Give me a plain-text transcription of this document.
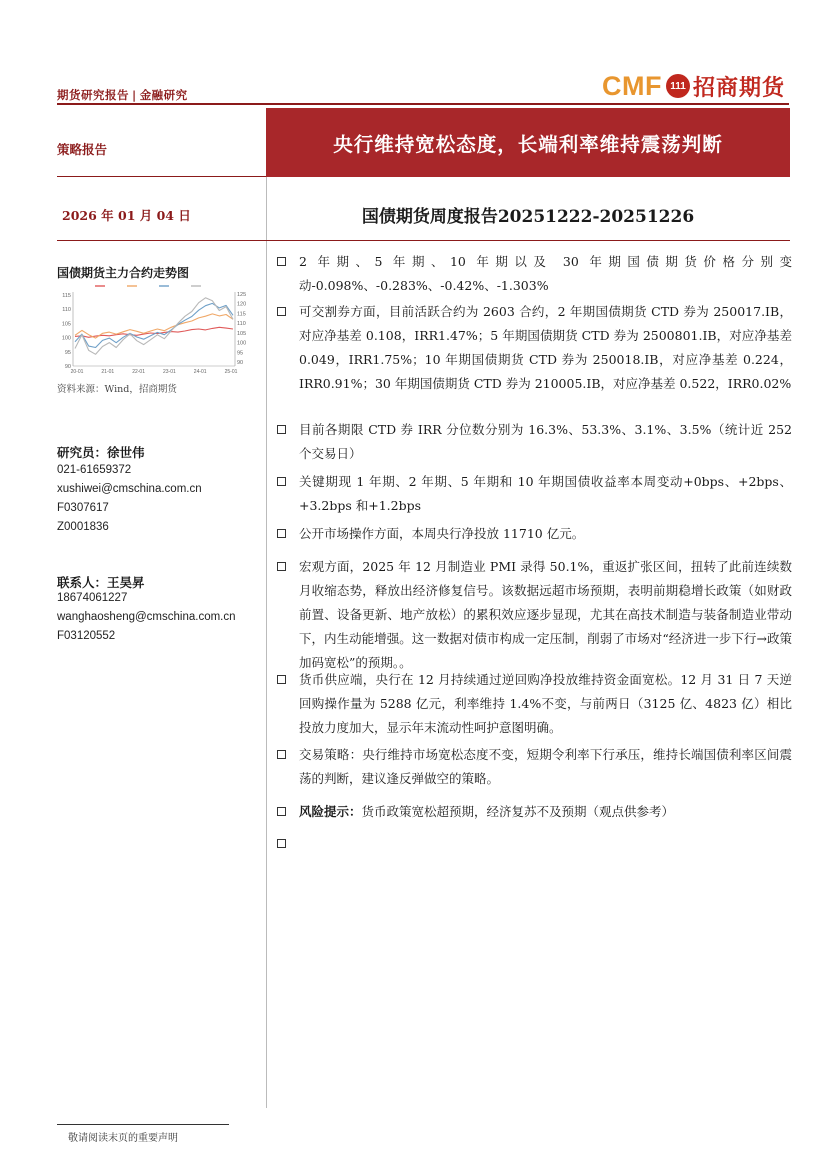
期货研究报告 | 金融研究	CMF 111 招商期货
策略报告
2026 年 01 月 04 日
央行维持宽松态度，长端利率维持震荡判断
国债期货周度报告20251222-20251226
国债期货主力合约走势图
90
95
100
105
110
115
90
95
100
105
110
115
120
125
20-01	21-01	22-01	23-01	24-01	25-01
资料来源：Wind，招商期货
研究员：徐世伟
021-61659372
xushiwei@cmschina.com.cn
F0307617
Z0001836
联系人：王昊昇
18674061227
wanghaosheng@cmschina.com.cn
F03120552
2 年期、5 年期、10 年期以及 30 年期国债期货价格分别变动-0.098%、-0.283%、-0.42%、-1.303%
可交割券方面，目前活跃合约为 2603 合约，2 年期国债期货 CTD 券为 250017.IB，对应净基差 0.108，IRR1.47%；5 年期国债期货 CTD 券为 2500801.IB，对应净基差 0.049，IRR1.75%；10 年期国债期货 CTD 券为 250018.IB，对应净基差 0.224，IRR0.91%；30 年期国债期货 CTD 券为 210005.IB，对应净基差 0.522，IRR0.02%
目前各期限 CTD 券 IRR 分位数分别为 16.3%、53.3%、3.1%、3.5%（统计近 252 个交易日）
关键期现 1 年期、2 年期、5 年期和 10 年期国债收益率本周变动+0bps、+2bps、+3.2bps 和+1.2bps
公开市场操作方面，本周央行净投放 11710 亿元。
宏观方面，2025 年 12 月制造业 PMI 录得 50.1%，重返扩张区间，扭转了此前连续数月收缩态势，释放出经济修复信号。该数据远超市场预期，表明前期稳增长政策（如财政前置、设备更新、地产放松）的累积效应逐步显现，尤其在高技术制造与装备制造业带动下，内生动能增强。这一数据对债市构成一定压制，削弱了市场对“经济进一步下行→政策加码宽松”的预期。。
货币供应端，央行在 12 月持续通过逆回购净投放维持资金面宽松。12 月 31 日 7 天逆回购操作量为 5288 亿元，利率维持 1.4%不变，与前两日（3125 亿、4823 亿）相比投放力度加大，显示年末流动性呵护意图明确。
交易策略：央行维持市场宽松态度不变，短期令利率下行承压，维持长端国债利率区间震荡的判断，建议逢反弹做空的策略。
风险提示：货币政策宽松超预期，经济复苏不及预期（观点供参考）
敬请阅读末页的重要声明
